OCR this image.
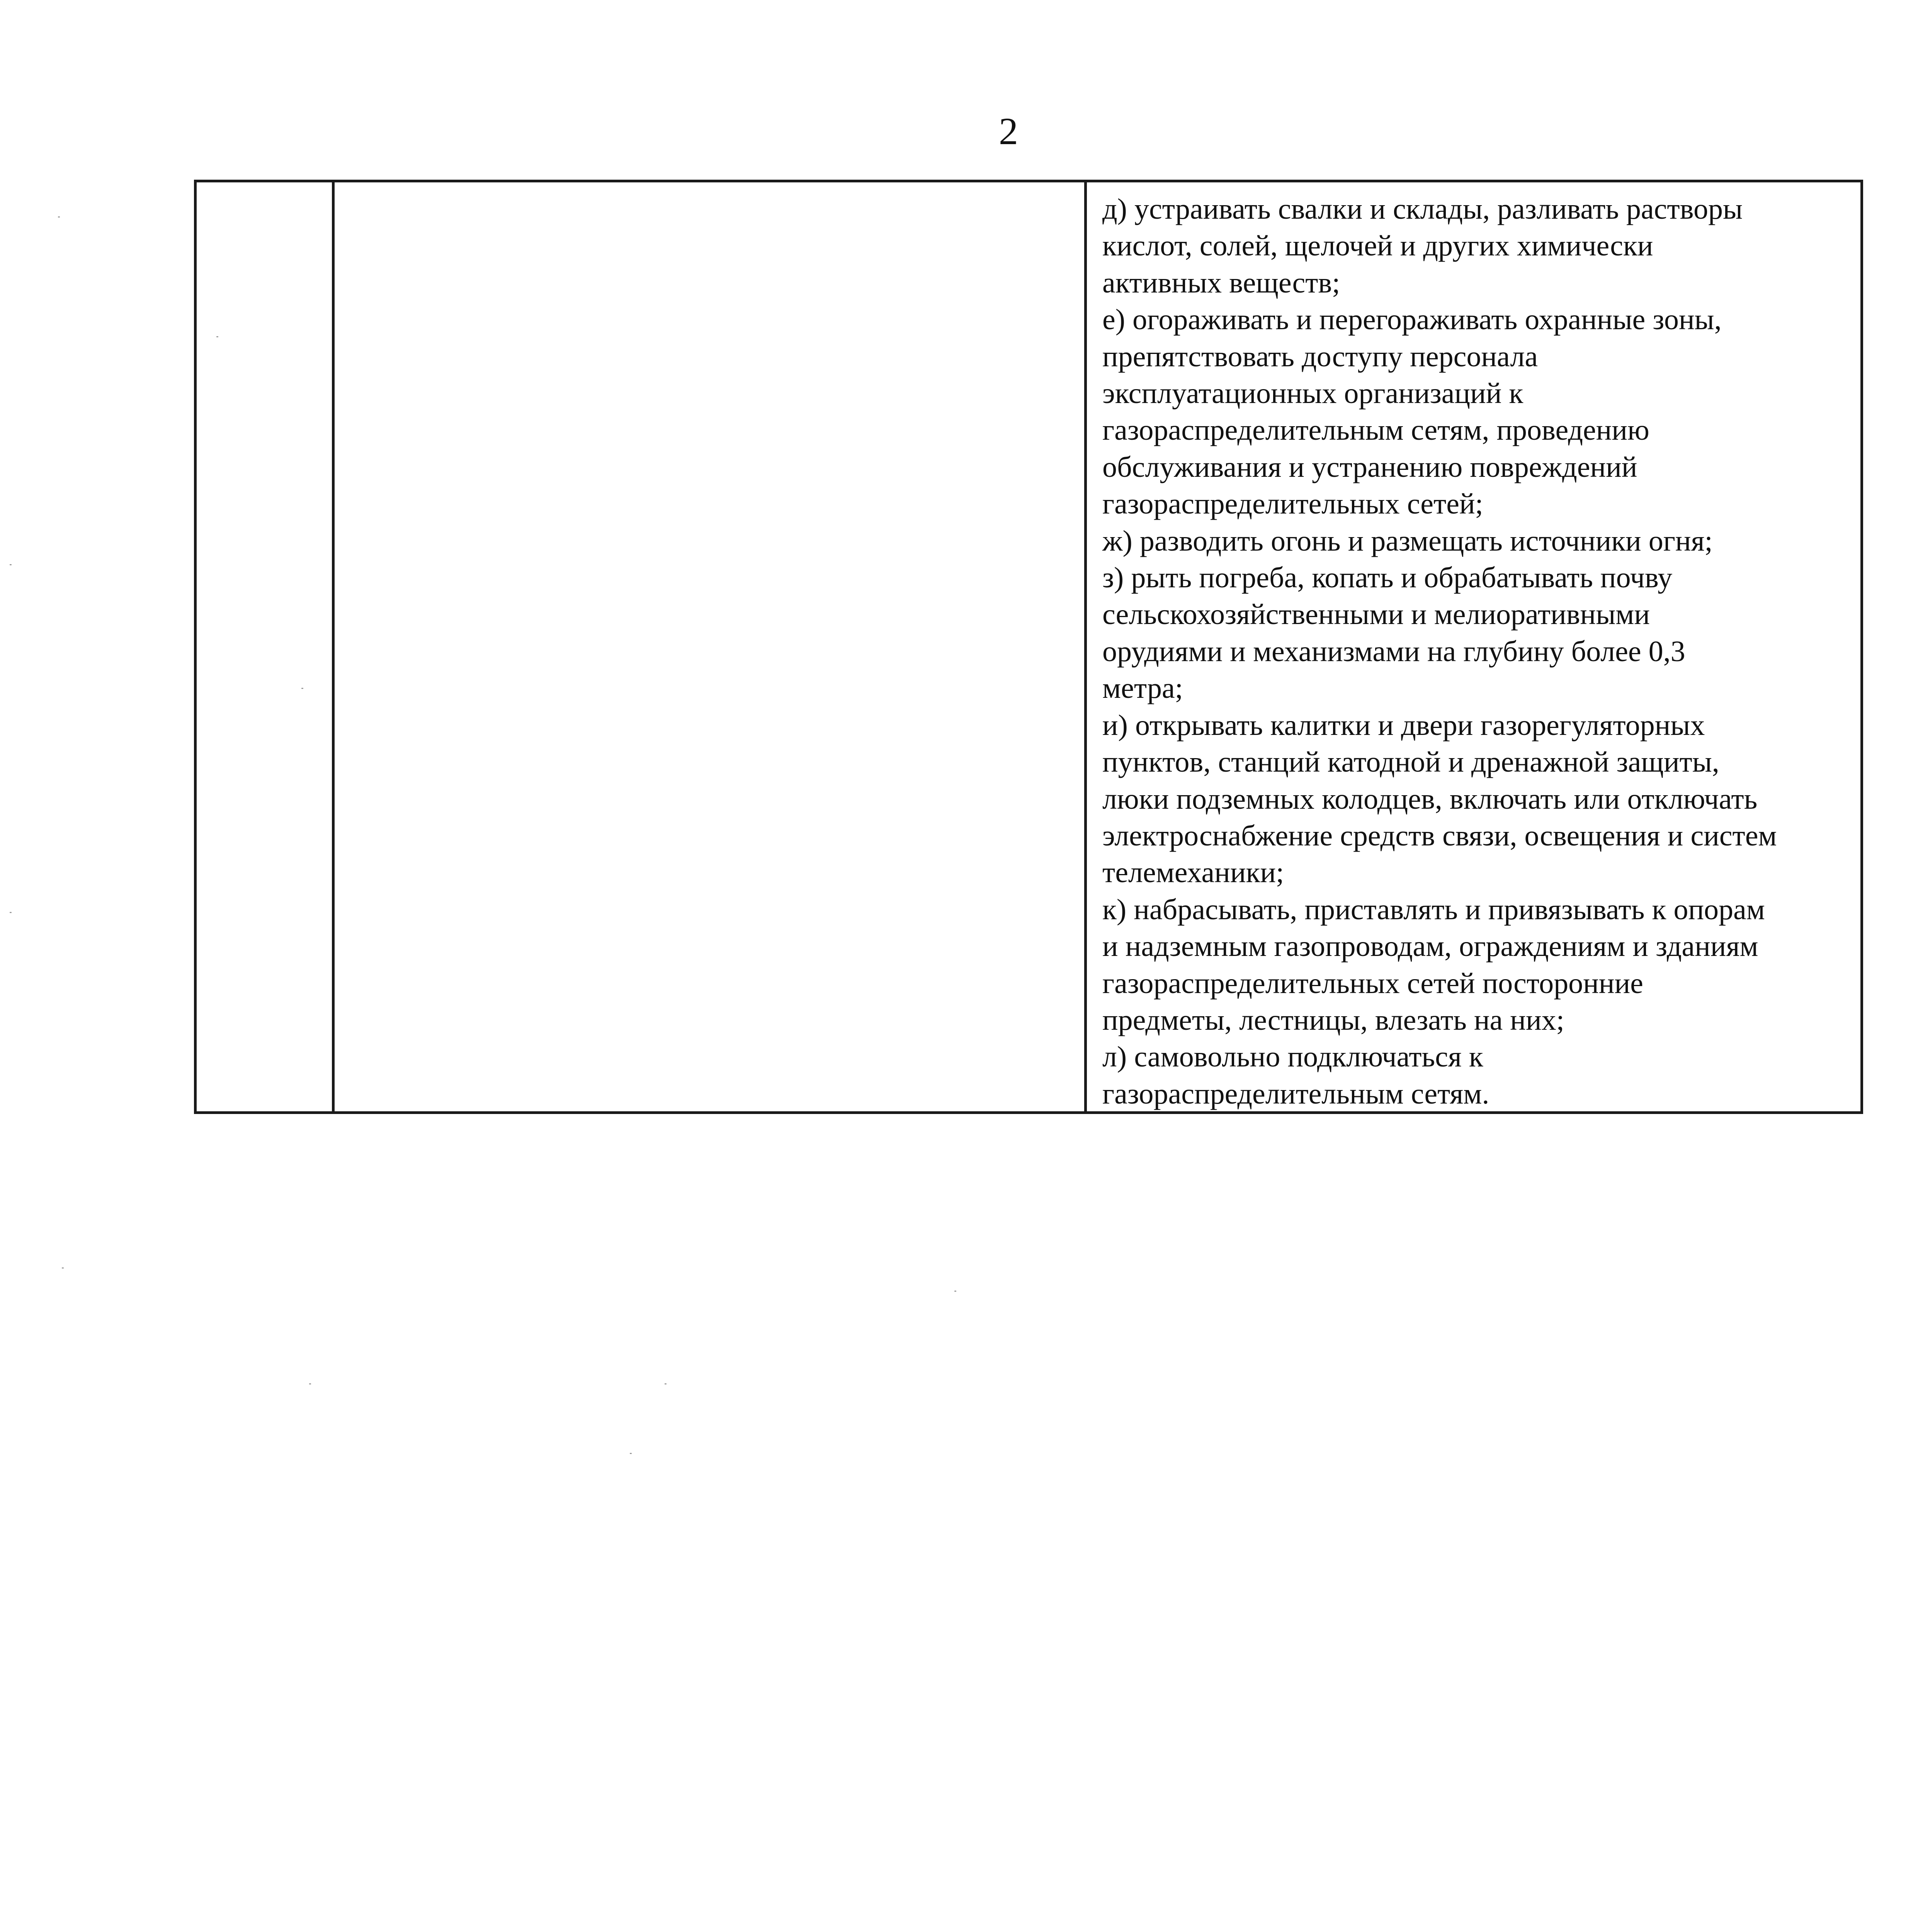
2

д) устраивать свалки и склады, разливать растворы

кислот, солей, щелочей и других химически

активных веществ;

е) огораживать и перегораживать охранные зоны,

препятствовать доступу персонала

эксплуатационных организаций к

газораспределительным сетям, проведению

обслуживания и устранению повреждений

газораспределительных сетей;

ж) разводить огонь и размещать источники огня;

з) рыть погреба, копать и обрабатывать почву

сельскохозяйственными и мелиоративными

орудиями и механизмами на глубину более 0,3

метра;

и) открывать калитки и двери газорегуляторных

пунктов, станций катодной и дренажной защиты,

люки подземных колодцев, включать или отключать

электроснабжение средств связи, освещения и систем

телемеханики;

к) набрасывать, приставлять и привязывать к опорам

и надземным газопроводам, ограждениям и зданиям

газораспределительных сетей посторонние

предметы, лестницы, влезать на них;

л) самовольно подключаться к

газораспределительным сетям.
